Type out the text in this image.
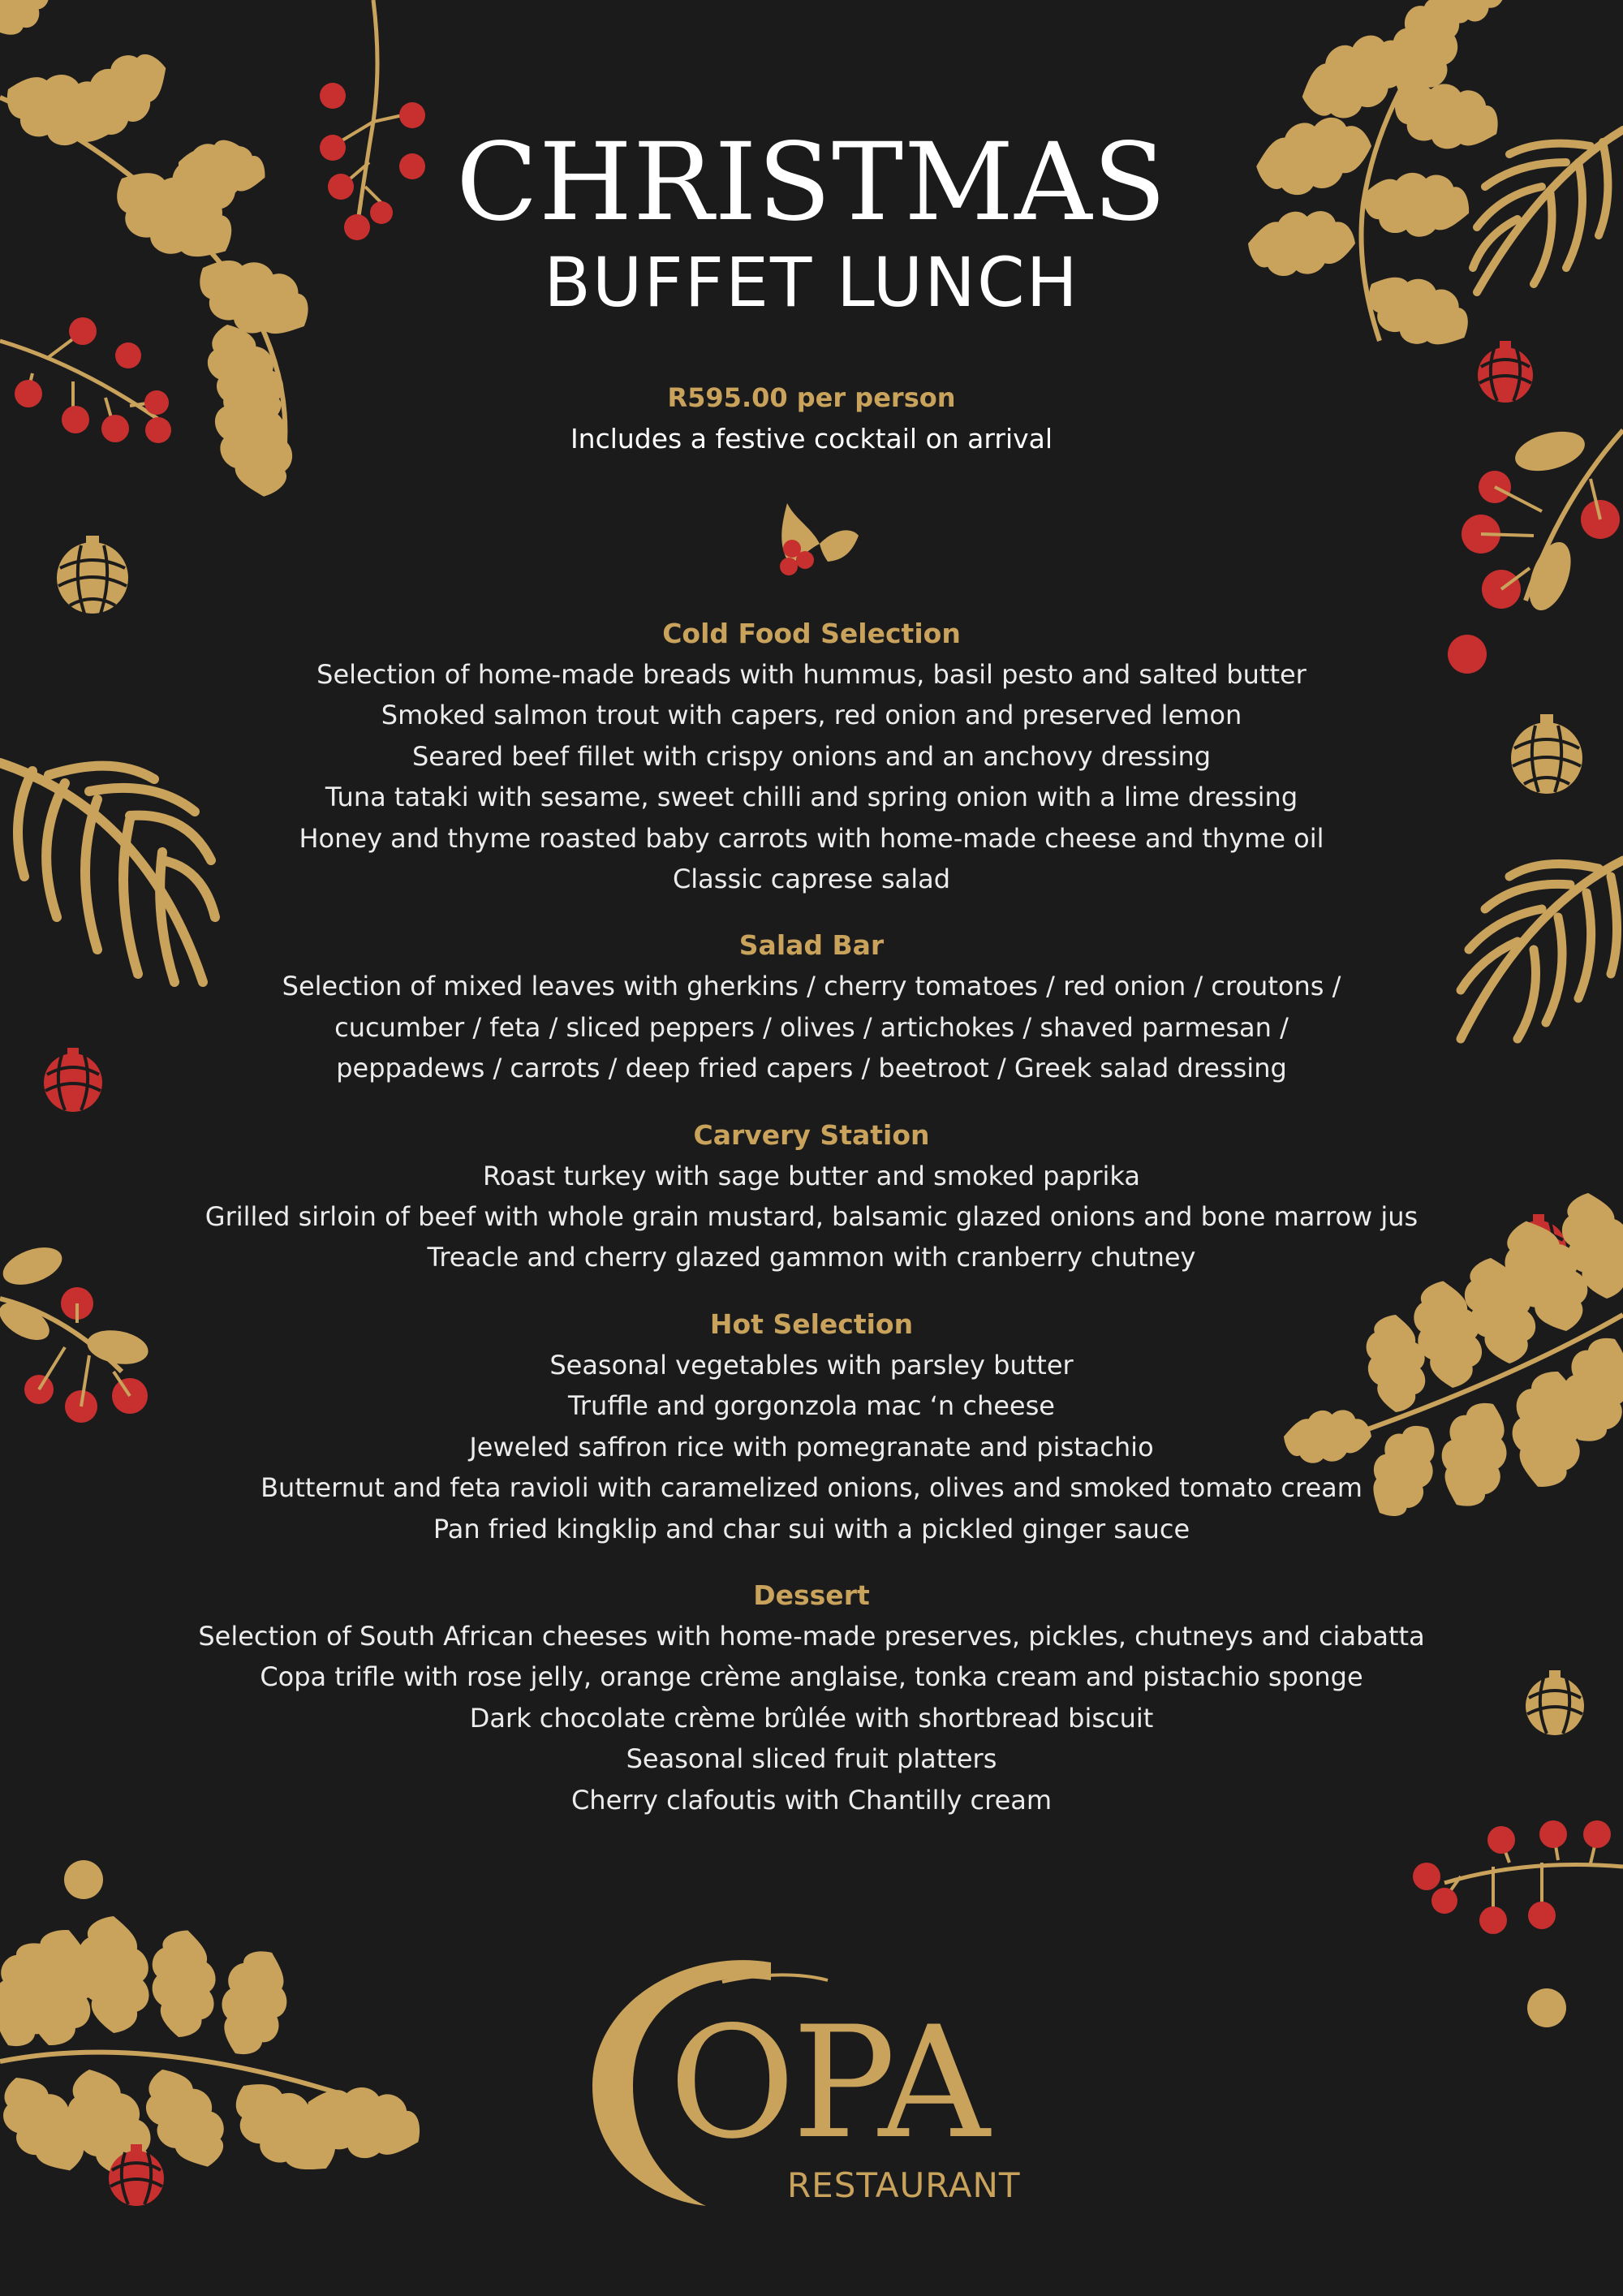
CHRISTMAS
BUFFET LUNCH
R595.00 per person
Includes a festive cocktail on arrival
Cold Food Selection
Selection of home-made breads with hummus, basil pesto and salted butter
Smoked salmon trout with capers, red onion and preserved lemon
Seared beef fillet with crispy onions and an anchovy dressing
Tuna tataki with sesame, sweet chilli and spring onion with a lime dressing
Honey and thyme roasted baby carrots with home-made cheese and thyme oil
Classic caprese salad
Salad Bar
Selection of mixed leaves with gherkins / cherry tomatoes / red onion / croutons /
cucumber / feta / sliced peppers / olives / artichokes / shaved parmesan /
peppadews / carrots / deep fried capers / beetroot / Greek salad dressing
Carvery Station
Roast turkey with sage butter and smoked paprika
Grilled sirloin of beef with whole grain mustard, balsamic glazed onions and bone marrow jus
Treacle and cherry glazed gammon with cranberry chutney
Hot Selection
Seasonal vegetables with parsley butter
Truffle and gorgonzola mac ‘n cheese
Jeweled saffron rice with pomegranate and pistachio
Butternut and feta ravioli with caramelized onions, olives and smoked tomato cream
Pan fried kingklip and char sui with a pickled ginger sauce
Dessert
Selection of South African cheeses with home-made preserves, pickles, chutneys and ciabatta
Copa trifle with rose jelly, orange crème anglaise, tonka cream and pistachio sponge
Dark chocolate crème brûlée with shortbread biscuit
Seasonal sliced fruit platters
Cherry clafoutis with Chantilly cream
OPA
RESTAURANT
